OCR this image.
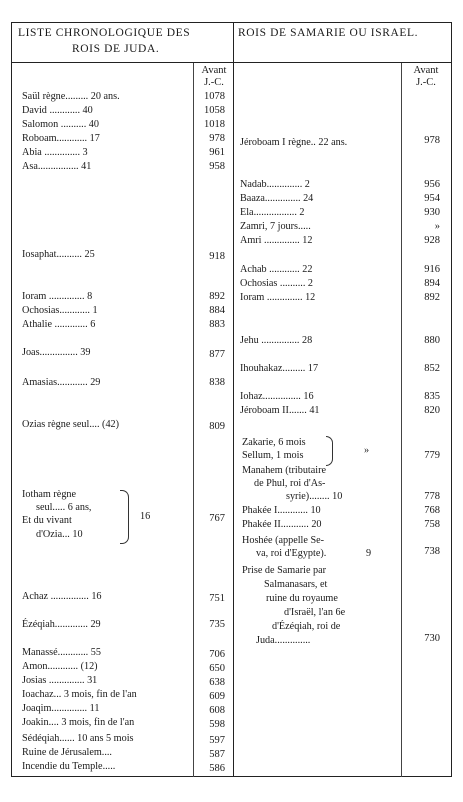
LISTE CHRONOLOGIQUE DES
ROIS DE JUDA.
ROIS DE SAMARIE OU ISRAEL.
Avant
J.-C.
Avant
J.-C.
Saül règne......... 20 ans.	1078
David ............ 40	1058
Salomon .......... 40	1018
Roboam............ 17	978
Abia .............. 3	961
Asa................ 41	958
Iosaphat.......... 25	918
Ioram .............. 8	892
Ochosias............ 1	884
Athalie ............. 6	883
Joas............... 39	877
Amasias............ 29	838
Ozias règne seul.... (42)	809
Iotham règne
seul..... 6 ans,
Et du vivant
d'Ozia... 10
16	767
Achaz ............... 16	751
Ézéqiah............. 29	735
Manassé............ 55	706
Amon............ (12)	650
Josias .............. 31	638
Ioachaz... 3 mois, fin de l'an	609
Joaqim.............. 11	608
Joakin.... 3 mois, fin de l'an	598
Sédéqiah...... 10 ans 5 mois	597
Ruine de Jérusalem....	587
Incendie du Temple.....	586
Jéroboam I règne.. 22 ans.	978
Nadab.............. 2	956
Baaza.............. 24	954
Ela................. 2	930
Zamri, 7 jours.....	»
Amri .............. 12	928
Achab ............ 22	916
Ochosias .......... 2	894
Ioram .............. 12	892
Jehu ............... 28	880
Ihouhakaz......... 17	852
Iohaz............... 16	835
Jéroboam II....... 41	820
Zakarie, 6 mois
Sellum, 1 mois	»	779
Manahem (tributaire
de Phul, roi d'As-
syrie)........ 10	778
Phakée I............ 10	768
Phakée II........... 20	758
Hoshée (appelle Se-
va, roi d'Egypte).	9	738
Prise de Samarie par
Salmanasars, et
ruine du royaume
d'Israël, l'an 6e
d'Ézéqiah, roi de
Juda..............	730
